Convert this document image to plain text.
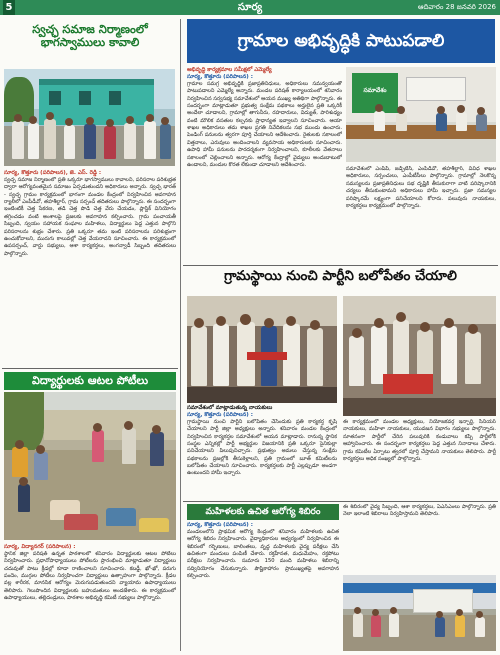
5	సూర్య	ఆదివారం 28 జనవరి 2026
స్వచ్ఛ సమాజ నిర్మాణంలో భాగస్వాములు కావాలి
సూర్య, కొత్తూరు (పరిపాలన), జె. ఎస్. రెడ్డి :
స్వచ్ఛ సమాజ నిర్మాణంలో ప్రతి ఒక్కరూ భాగస్వాములు కావాలని, పరిసరాల పరిశుభ్రత ద్వారా ఆరోగ్యవంతమైన సమాజం ఏర్పడుతుందని అధికారులు అన్నారు. స్వచ్ఛ భారత్ - స్వచ్ఛ గ్రామం కార్యక్రమంలో భాగంగా మండల కేంద్రంలో నిర్వహించిన అవగాహన ర్యాలీలో ఎంపీడీవో, తహశీల్దార్, గ్రామ సర్పంచ్ తదితరులు పాల్గొన్నారు. ఈ సందర్భంగా ఇంటింటికీ చెత్త సేకరణ, తడి చెత్త పొడి చెత్త వేరు చేయడం, ప్లాస్టిక్ వినియోగం తగ్గించడం వంటి అంశాలపై ప్రజలకు అవగాహన కల్పించారు. గ్రామ పంచాయతీ సిబ్బంది, స్వయం సహాయక సంఘాల మహిళలు, విద్యార్థులు పెద్ద ఎత్తున పాల్గొని పరిసరాలను శుభ్రం చేశారు. ప్రతి ఒక్కరూ తమ ఇంటి పరిసరాలను పరిశుభ్రంగా ఉంచుకోవాలని, మురుగు కాలువల్లో చెత్త వేయరాదని సూచించారు. ఈ కార్యక్రమంలో ఉపసర్పంచ్, వార్డు సభ్యులు, ఆశా కార్యకర్తలు, అంగన్వాడీ సిబ్బంది తదితరులు పాల్గొన్నారు.
విద్యార్థులకు ఆటల పోటీలు
సూర్య, విద్యానగర్ (పరిపాలన) :
స్థానిక జిల్లా పరిషత్ ఉన్నత పాఠశాలలో శనివారం విద్యార్థులకు ఆటల పోటీలు నిర్వహించారు. ప్రధానోపాధ్యాయులు పోటీలను ప్రారంభించి మాట్లాడుతూ విద్యార్థులు చదువుతో పాటు క్రీడల్లో కూడా రాణించాలని సూచించారు. కబడ్డీ, ఖో-ఖో, పరుగు పందెం, ముగ్గుల పోటీలు నిర్వహించగా విద్యార్థులు ఉత్సాహంగా పాల్గొన్నారు. క్రీడల వల్ల శారీరక, మానసిక ఆరోగ్యం మెరుగుపడుతుందని వ్యాయామ ఉపాధ్యాయులు తెలిపారు. గెలుపొందిన విద్యార్థులకు బహుమతులు అందజేశారు. ఈ కార్యక్రమంలో ఉపాధ్యాయులు, తల్లిదండ్రులు, పాఠశాల అభివృద్ధి కమిటీ సభ్యులు పాల్గొన్నారు.
గ్రామాల అభివృద్ధికి పాటుపడాలి
అభివృద్ధి కార్యక్రమాల సమీక్షలో ఎమ్మెల్యే
సూర్య, కొత్తూరు (పరిపాలన) :
గ్రామాల సమగ్ర అభివృద్ధికి ప్రజాప్రతినిధులు, అధికారులు సమన్వయంతో పాటుపడాలని ఎమ్మెల్యే అన్నారు. మండల పరిషత్ కార్యాలయంలో శనివారం నిర్వహించిన సర్వసభ్య సమావేశంలో ఆయన ముఖ్య అతిథిగా పాల్గొన్నారు. ఈ సందర్భంగా మాట్లాడుతూ ప్రభుత్వ సంక్షేమ పథకాలు అర్హులైన ప్రతి ఒక్కరికీ అందేలా చూడాలని, గ్రామాల్లో తాగునీరు, రహదారులు, విద్యుత్, పారిశుధ్యం వంటి మౌలిక వసతుల కల్పనకు ప్రాధాన్యత ఇవ్వాలని సూచించారు. ఆయా శాఖల అధికారులు తమ శాఖల ప్రగతి నివేదికలను సభ ముందు ఉంచారు. పెండింగ్ పనులను త్వరగా పూర్తి చేయాలని ఆదేశించారు. రైతులకు సకాలంలో విత్తనాలు, ఎరువులు అందించాలని వ్యవసాయ అధికారులకు సూచించారు. ఉపాధి హామీ పనులను పారదర్శకంగా నిర్వహించాలని, కూలీలకు వేతనాలు సకాలంలో చెల్లించాలని అన్నారు. ఆరోగ్య కేంద్రాల్లో వైద్యులు అందుబాటులో ఉండాలని, మందుల కొరత లేకుండా చూడాలని ఆదేశించారు.
సమావేశం
సమావేశంలో ఎంపీపీ, జడ్పీటీసీ, ఎంపీడీవో, తహశీల్దార్, వివిధ శాఖల అధికారులు, సర్పంచులు, ఎంపీటీసీలు పాల్గొన్నారు. గ్రామాల్లో నెలకొన్న సమస్యలను ప్రజాప్రతినిధులు సభ దృష్టికి తీసుకురాగా వాటి పరిష్కారానికి చర్యలు తీసుకుంటామని అధికారులు హామీ ఇచ్చారు. ప్రజా సమస్యల పరిష్కారమే లక్ష్యంగా పనిచేయాలని కోరారు. పలువురు నాయకులు, కార్యకర్తలు కార్యక్రమంలో పాల్గొన్నారు.
గ్రామస్థాయి నుంచి పార్టీని బలోపేతం చేయాలి
సమావేశంలో మాట్లాడుతున్న నాయకులు
సూర్య, కొత్తూరు (పరిపాలన) :
గ్రామస్థాయి నుంచి పార్టీని బలోపేతం చేసేందుకు ప్రతి కార్యకర్త కృషి చేయాలని పార్టీ జిల్లా అధ్యక్షులు అన్నారు. శనివారం మండల కేంద్రంలో నిర్వహించిన కార్యకర్తల సమావేశంలో ఆయన మాట్లాడారు. రానున్న స్థానిక సంస్థల ఎన్నికల్లో పార్టీ అభ్యర్థుల విజయానికి ప్రతి ఒక్కరూ సైనికుల్లా పనిచేయాలని పిలుపునిచ్చారు. ప్రభుత్వం అమలు చేస్తున్న సంక్షేమ పథకాలను ప్రజల్లోకి తీసుకెళ్లాలని, ప్రతి గ్రామంలో బూత్ కమిటీలను బలోపేతం చేయాలని సూచించారు. కార్యకర్తలకు పార్టీ ఎల్లప్పుడూ అండగా ఉంటుందని హామీ ఇచ్చారు.
ఈ కార్యక్రమంలో మండల అధ్యక్షులు, నియోజకవర్గ ఇన్చార్జి, సీనియర్ నాయకులు, మహిళా నాయకులు, యువజన విభాగం సభ్యులు పాల్గొన్నారు. నూతనంగా పార్టీలో చేరిన పలువురికి కండువాలు కప్పి పార్టీలోకి ఆహ్వానించారు. ఈ సందర్భంగా కార్యకర్తలు పెద్ద ఎత్తున నినాదాలు చేశారు. గ్రామ కమిటీల ఏర్పాటు త్వరలో పూర్తి చేస్తామని నాయకులు తెలిపారు. పార్టీ కార్యకర్తలు అధిక సంఖ్యలో పాల్గొన్నారు.
మహిళలకు ఉచిత ఆరోగ్య శిబిరం
సూర్య, కొత్తూరు (పరిపాలన) :
మండలంలోని ప్రాథమిక ఆరోగ్య కేంద్రంలో శనివారం మహిళలకు ఉచిత ఆరోగ్య శిబిరం నిర్వహించారు. వైద్యాధికారుల ఆధ్వర్యంలో నిర్వహించిన ఈ శిబిరంలో గర్భిణులు, బాలింతలు, వృద్ధ మహిళలకు వైద్య పరీక్షలు చేసి ఉచితంగా మందులు పంపిణీ చేశారు. రక్తహీనత, మధుమేహం, రక్తపోటు పరీక్షలు నిర్వహించారు. సుమారు 150 మంది మహిళలు శిబిరాన్ని సద్వినియోగం చేసుకున్నారు. పౌష్టికాహారం ప్రాముఖ్యతపై అవగాహన కల్పించారు.
ఈ శిబిరంలో వైద్య సిబ్బంది, ఆశా కార్యకర్తలు, ఏఎన్ఎంలు పాల్గొన్నారు. ప్రతి నెలా ఇలాంటి శిబిరాలు నిర్వహిస్తామని తెలిపారు.
